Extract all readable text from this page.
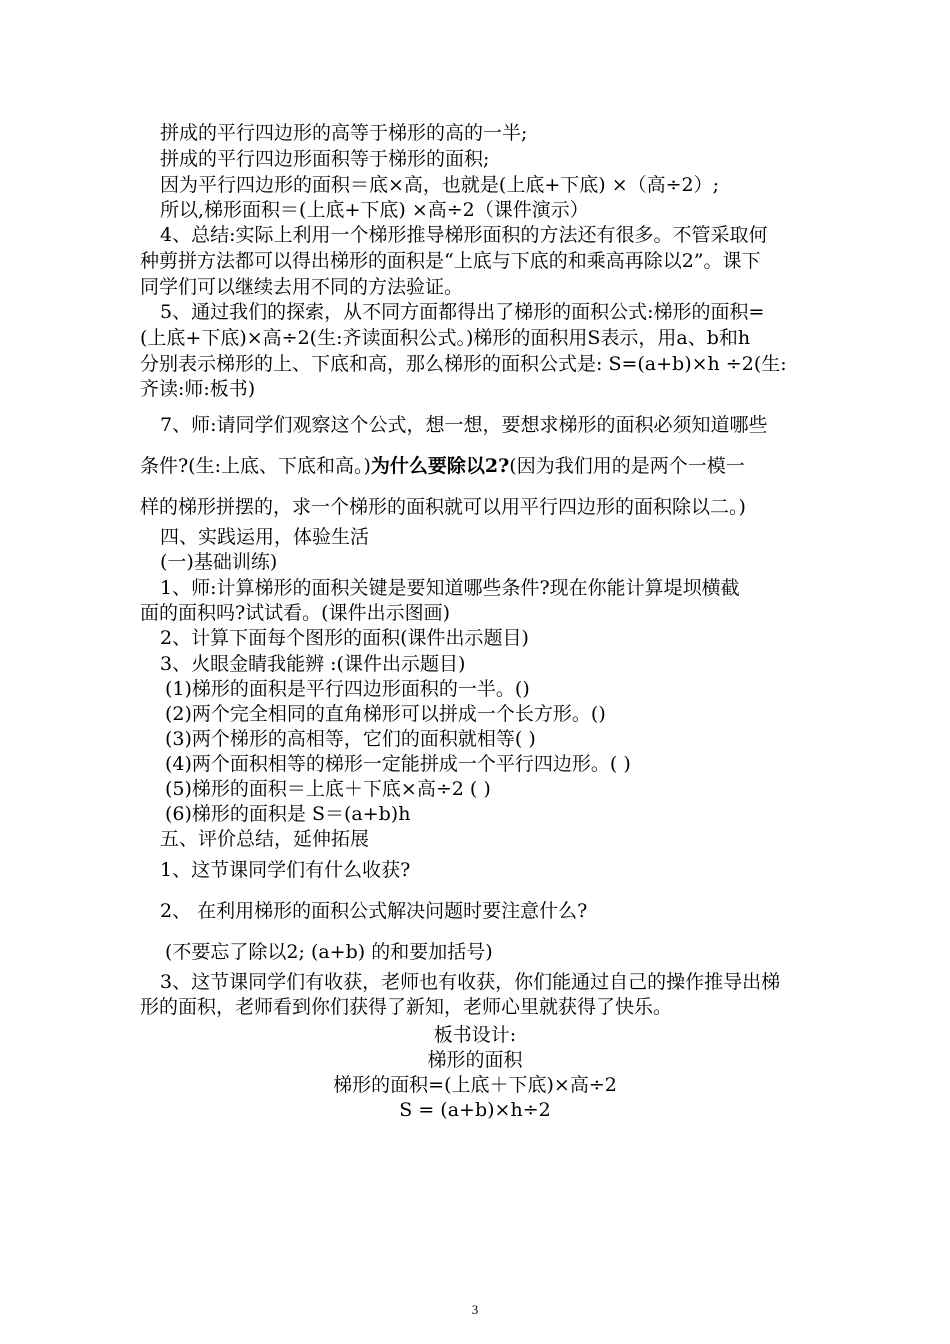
拼成的平行四边形的高等于梯形的高的一半;
拼成的平行四边形面积等于梯形的面积;
因为平行四边形的面积＝底×高，也就是(上底+下底) ×（高÷2）;
所以,梯形面积＝(上底+下底) ×高÷2（课件演示）
4、总结:实际上利用一个梯形推导梯形面积的方法还有很多。不管采取何
种剪拼方法都可以得出梯形的面积是“上底与下底的和乘高再除以2”。课下
同学们可以继续去用不同的方法验证。
5、通过我们的探索，从不同方面都得出了梯形的面积公式:梯形的面积=
(上底+下底)×高÷2(生:齐读面积公式。)梯形的面积用S表示，用a、b和h
分别表示梯形的上、下底和高，那么梯形的面积公式是: S=(a+b)×h ÷2(生:
齐读:师:板书)
7、师:请同学们观察这个公式，想一想，要想求梯形的面积必须知道哪些
条件?(生:上底、下底和高。)为什么要除以2?(因为我们用的是两个一模一
样的梯形拼摆的，求一个梯形的面积就可以用平行四边形的面积除以二。)
四、实践运用，体验生活
(一)基础训练)
1、师:计算梯形的面积关键是要知道哪些条件?现在你能计算堤坝横截
面的面积吗?试试看。(课件出示图画)
2、计算下面每个图形的面积(课件出示题目)
3、火眼金睛我能辨 :(课件出示题目)
(1)梯形的面积是平行四边形面积的一半。()
(2)两个完全相同的直角梯形可以拼成一个长方形。()
(3)两个梯形的高相等，它们的面积就相等( )
(4)两个面积相等的梯形一定能拼成一个平行四边形。( )
(5)梯形的面积＝上底＋下底×高÷2 ( )
(6)梯形的面积是 S＝(a+b)h
五、评价总结，延伸拓展
1、这节课同学们有什么收获?
2、 在利用梯形的面积公式解决问题时要注意什么?
(不要忘了除以2; (a+b) 的和要加括号)
3、这节课同学们有收获，老师也有收获，你们能通过自己的操作推导出梯
形的面积，老师看到你们获得了新知，老师心里就获得了快乐。
板书设计:
梯形的面积
梯形的面积=(上底＋下底)×高÷2
S = (a+b)×h÷2
3
